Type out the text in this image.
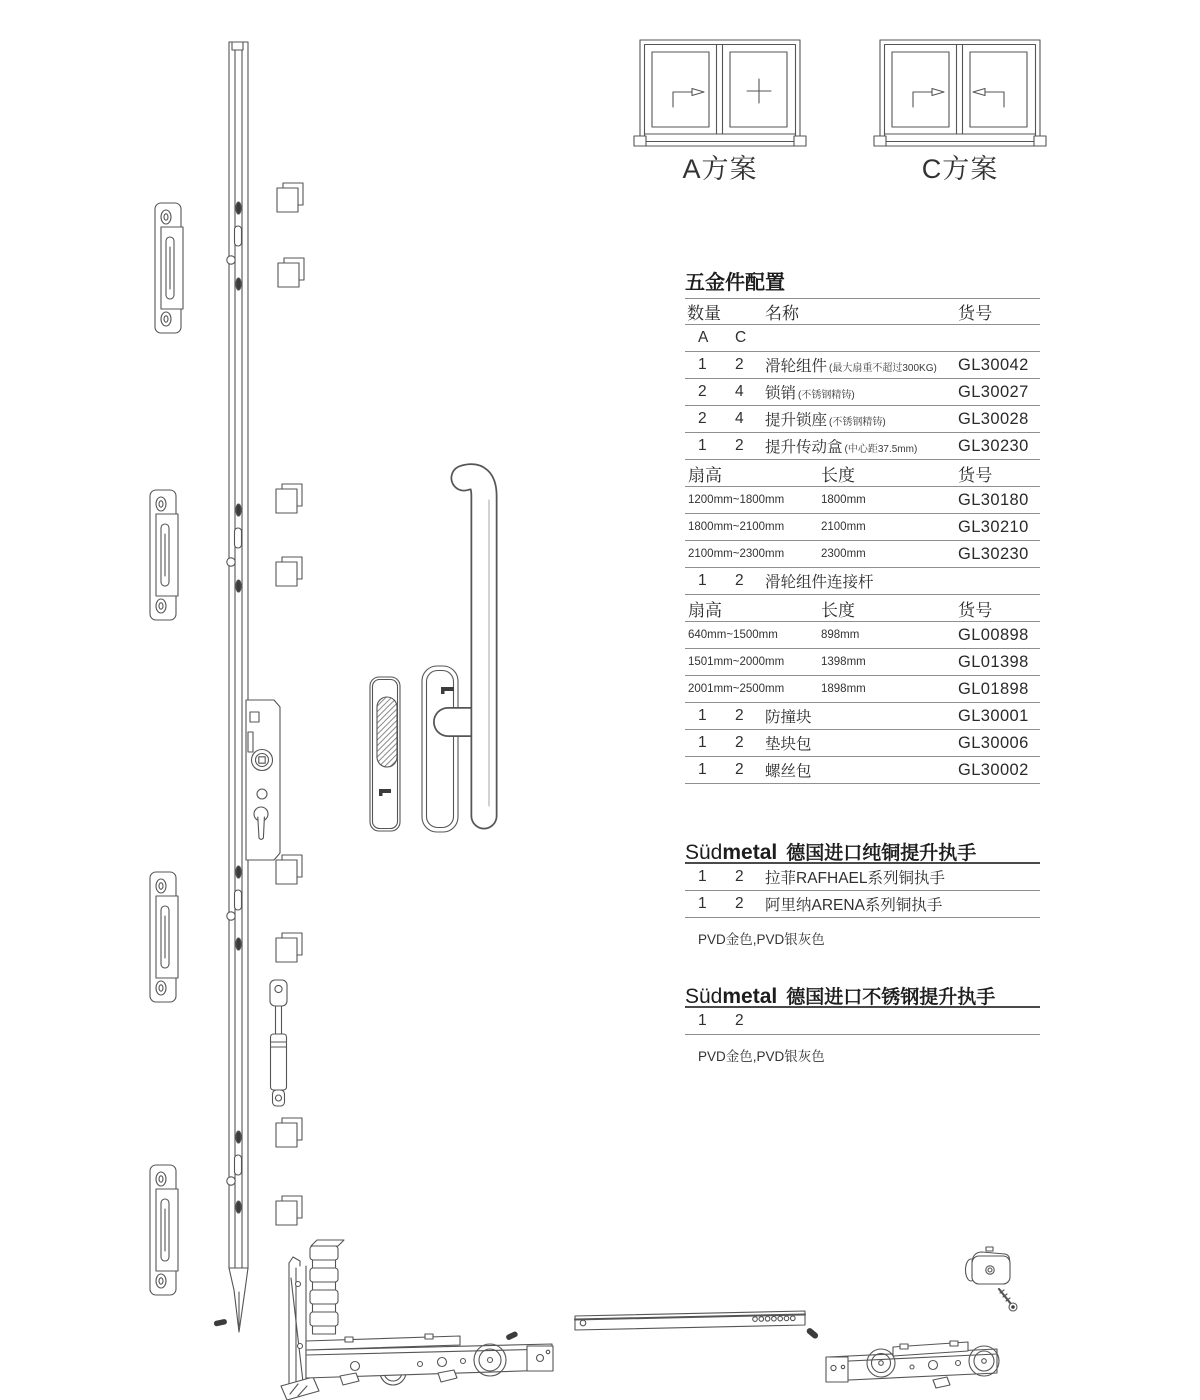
A方案	C方案
五金件配置
数量	名称	货号
A	C
1	2	滑轮组件 (最大扇重不超过300KG)	GL30042
2	4	锁销 (不锈钢精铸)	GL30027
2	4	提升锁座 (不锈钢精铸)	GL30028
1	2	提升传动盒 (中心距37.5mm)	GL30230
扇高	长度	货号
1200mm~1800mm	1800mm	GL30180
1800mm~2100mm	2100mm	GL30210
2100mm~2300mm	2300mm	GL30230
1	2	滑轮组件连接杆
扇高	长度	货号
640mm~1500mm	898mm	GL00898
1501mm~2000mm	1398mm	GL01398
2001mm~2500mm	1898mm	GL01898
1	2	防撞块	GL30001
1	2	垫块包	GL30006
1	2	螺丝包	GL30002
Süd metal 德国进口纯铜提升执手
1	2	拉菲RAFHAEL系列铜执手
1	2	阿里纳ARENA系列铜执手
PVD金色,PVD银灰色
Süd metal 德国进口不锈钢提升执手
1	2
PVD金色,PVD银灰色
